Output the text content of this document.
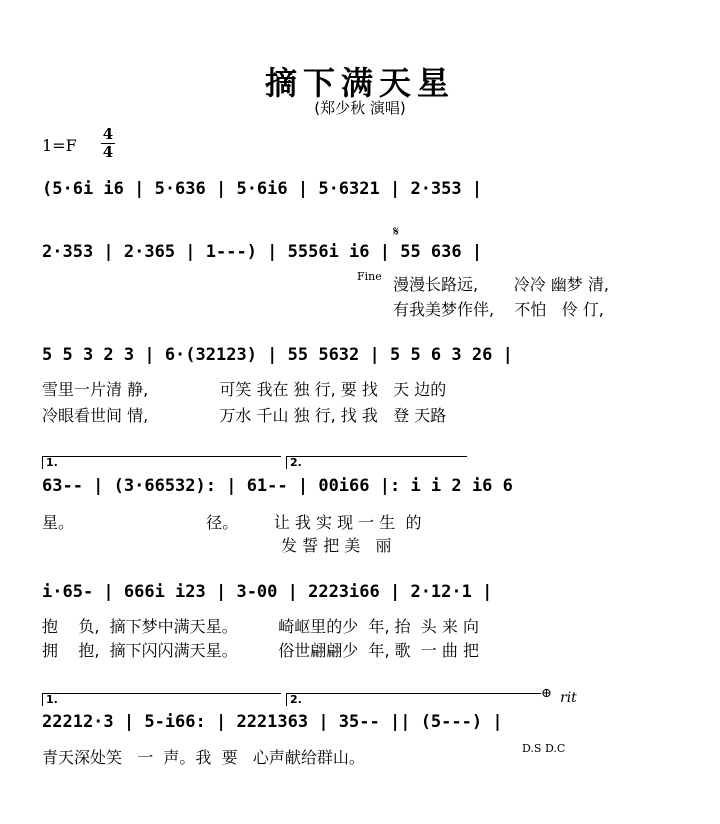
摘下满天星
(郑少秋 演唱)
1=F
4
4
(5·6i i6 | 5·636 | 5·6i6 | 5·6321 | 2·353 |
2·353 | 2·365 | 1---) | 5556i i6 | 55 636 |
𝄋
Fine 漫漫长路远,       冷冷 幽梦 清,
有我美梦作伴,    不怕   伶 仃,
5 5 3 2 3 | 6·(32123) | 55 5632 | 5 5 6 3 26 |
雪里一片清 静,              可笑 我在 独 行, 要 找   天 边的
冷眼看世间 情,              万水 千山 独 行, 找 我   登 天路
1.	2.
63-- | (3·66532): | 61-- | 00i66 |: i i 2 i6 6
星。                          径。       让 我 实 现 一 生  的
发 誓 把 美   丽
i·65- | 666i i23 | 3-00 | 2223i66 | 2·12·1 |
抱    负,  摘下梦中满天星。        崎岖里的少  年, 抬  头 来 向
拥    抱,  摘下闪闪满天星。        俗世翩翩少  年, 歌  一 曲 把
1.	2.	⊕ rit
22212·3 | 5-i66: | 2221363 | 35-- || (5---) |
D.S D.C
青天深处笑   一  声。我  要   心声献给群山。
